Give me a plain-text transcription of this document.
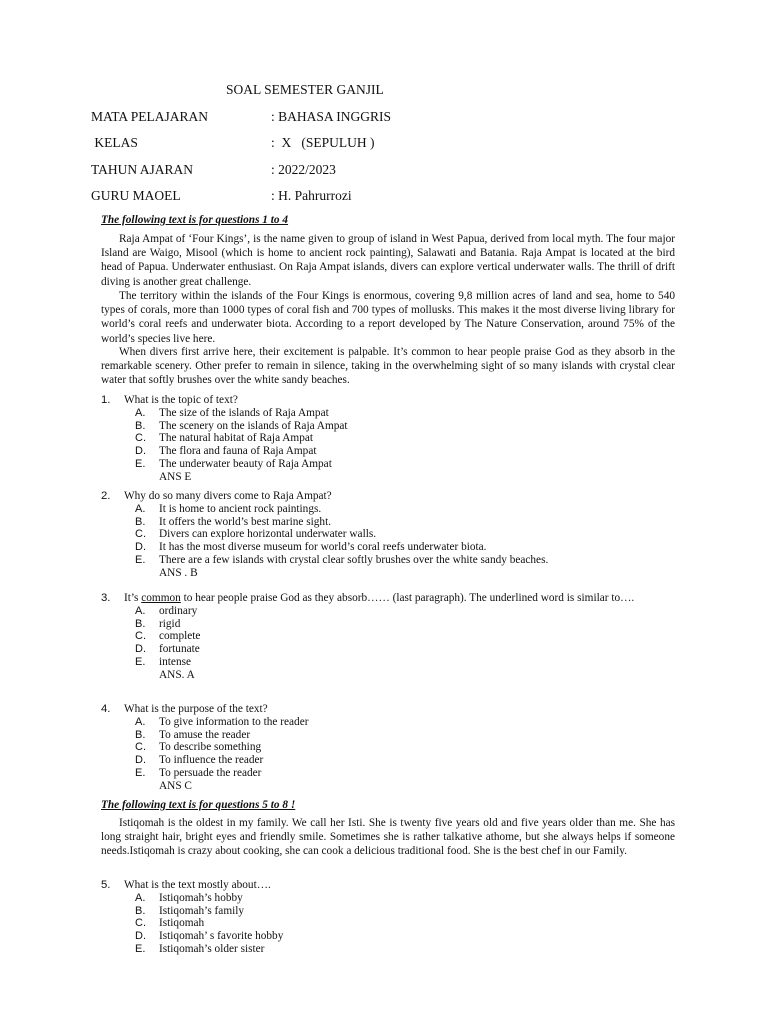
SOAL SEMESTER GANJIL
MATA PELAJARAN	: BAHASA INGGRIS
KELAS	:  X   (SEPULUH )
TAHUN AJARAN	: 2022/2023
GURU MAOEL	: H. Pahrurrozi
The following text is for questions 1 to 4

Raja Ampat of ‘Four Kings’, is the name given to group of island in West Papua, derived from local myth. The four major Island are Waigo, Misool (which is home to ancient rock painting), Salawati and Batania. Raja Ampat is located at the bird head of Papua. Underwater enthusiast. On Raja Ampat islands, divers can explore vertical underwater walls. The thrill of drift diving is another great challenge.

The territory within the islands of the Four Kings is enormous, covering 9,8 million acres of land and sea, home to 540 types of corals, more than 1000 types of coral fish and 700 types of mollusks. This makes it the most diverse living library for world’s coral reefs and underwater biota. According to a report developed by The Nature Conservation, around 75% of the world’s species live here.

When divers first arrive here, their excitement is palpable. It’s common to hear people praise God as they absorb in the remarkable scenery. Other prefer to remain in silence, taking in the overwhelming sight of so many islands with crystal clear water that softly brushes over the white sandy beaches.

1. What is the topic of text?
A. The size of the islands of Raja Ampat
B. The scenery on the islands of Raja Ampat
C. The natural habitat of Raja Ampat
D. The flora and fauna of Raja Ampat
E. The underwater beauty of Raja Ampat
ANS E
2. Why do so many divers come to Raja Ampat?
A. It is home to ancient rock paintings.
B. It offers the world’s best marine sight.
C. Divers can explore horizontal underwater walls.
D. It has the most diverse museum for world’s coral reefs underwater biota.
E. There are a few islands with crystal clear softly brushes over the white sandy beaches.
ANS . B
3. It’s common to hear people praise God as they absorb…… (last paragraph). The underlined word is similar to….
A. ordinary
B. rigid
C. complete
D. fortunate
E. intense
ANS. A
4. What is the purpose of the text?
A. To give information to the reader
B. To amuse the reader
C. To describe something
D. To influence the reader
E. To persuade the reader
ANS C
The following text is for questions 5 to 8 !

Istiqomah is the oldest in my family. We call her Isti. She is twenty five years old and five years older than me. She has long straight hair, bright eyes and friendly smile. Sometimes she is rather talkative athome, but she always helps if someone needs.Istiqomah is crazy about cooking, she can cook a delicious traditional food. She is the best chef in our Family.

5. What is the text mostly about….
A. Istiqomah’s hobby
B. Istiqomah’s family
C. Istiqomah
D. Istiqomah’ s favorite hobby
E. Istiqomah’s older sister
